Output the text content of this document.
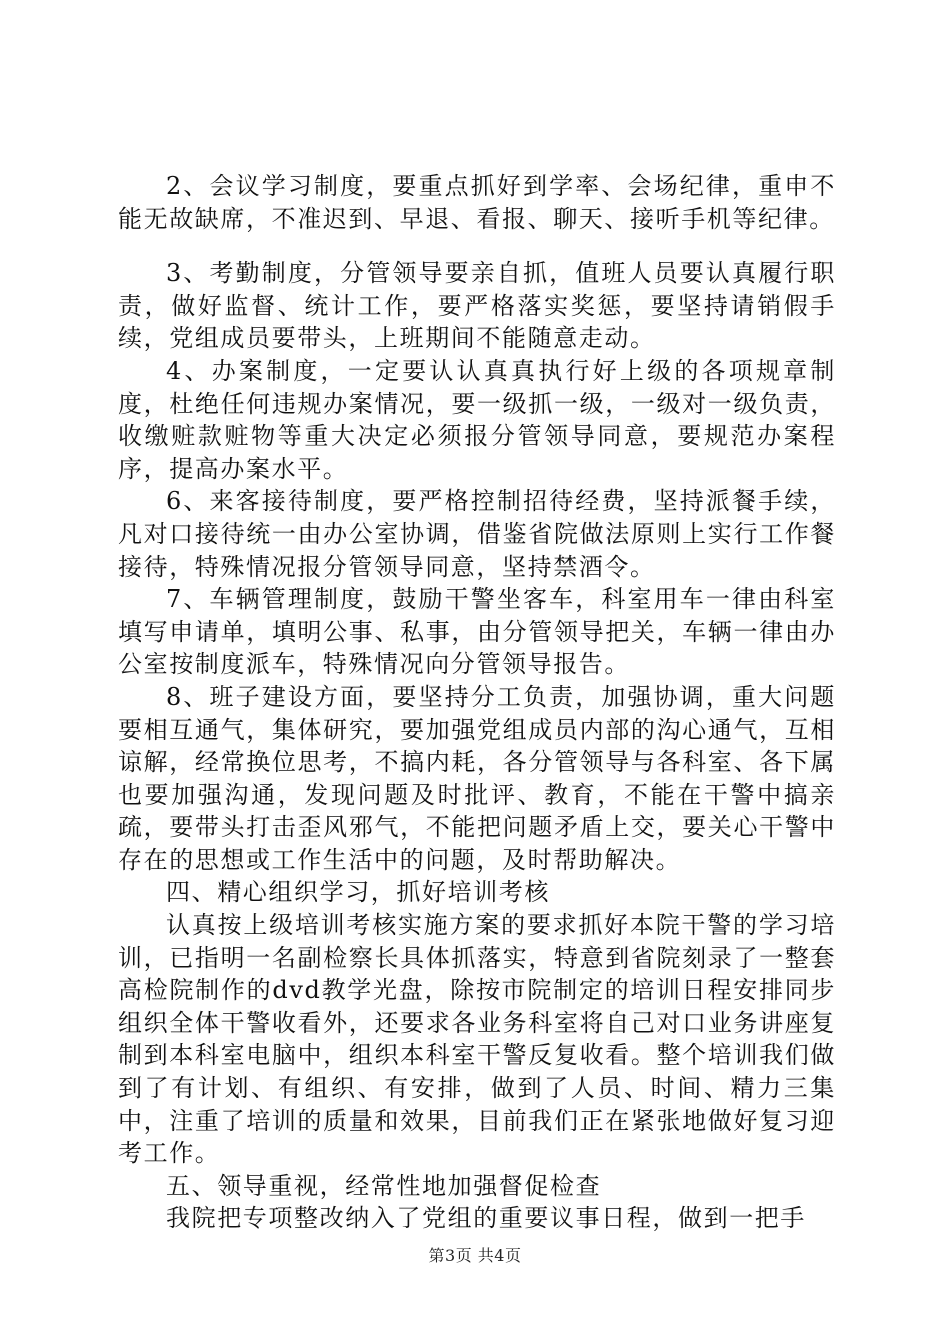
2、会议学习制度，要重点抓好到学率、会场纪律，重申不能无故缺席，不准迟到、早退、看报、聊天、接听手机等纪律。

3、考勤制度，分管领导要亲自抓，值班人员要认真履行职责，做好监督、统计工作，要严格落实奖惩，要坚持请销假手续，党组成员要带头，上班期间不能随意走动。

4、办案制度，一定要认认真真执行好上级的各项规章制度，杜绝任何违规办案情况，要一级抓一级，一级对一级负责，收缴赃款赃物等重大决定必须报分管领导同意，要规范办案程序，提高办案水平。

6、来客接待制度，要严格控制招待经费，坚持派餐手续，凡对口接待统一由办公室协调，借鉴省院做法原则上实行工作餐接待，特殊情况报分管领导同意，坚持禁酒令。

7、车辆管理制度，鼓励干警坐客车，科室用车一律由科室填写申请单，填明公事、私事，由分管领导把关，车辆一律由办公室按制度派车，特殊情况向分管领导报告。

8、班子建设方面，要坚持分工负责，加强协调，重大问题要相互通气，集体研究，要加强党组成员内部的沟心通气，互相谅解，经常换位思考，不搞内耗，各分管领导与各科室、各下属也要加强沟通，发现问题及时批评、教育，不能在干警中搞亲疏，要带头打击歪风邪气，不能把问题矛盾上交，要关心干警中存在的思想或工作生活中的问题，及时帮助解决。

四、精心组织学习，抓好培训考核

认真按上级培训考核实施方案的要求抓好本院干警的学习培训，已指明一名副检察长具体抓落实，特意到省院刻录了一整套高检院制作的dvd教学光盘，除按市院制定的培训日程安排同步组织全体干警收看外，还要求各业务科室将自己对口业务讲座复制到本科室电脑中，组织本科室干警反复收看。整个培训我们做到了有计划、有组织、有安排，做到了人员、时间、精力三集中，注重了培训的质量和效果，目前我们正在紧张地做好复习迎考工作。

五、领导重视，经常性地加强督促检查

我院把专项整改纳入了党组的重要议事日程，做到一把手

第3页 共4页
